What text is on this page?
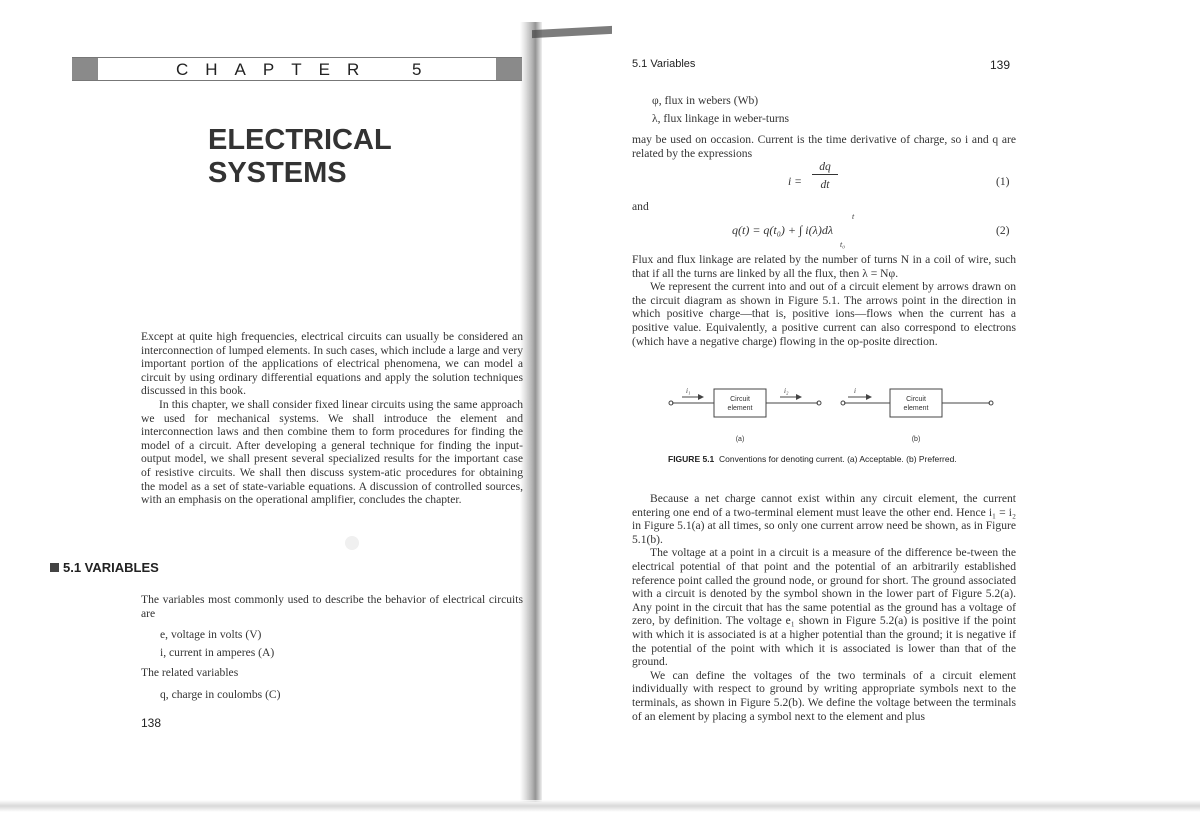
CHAPTER 5
ELECTRICAL
SYSTEMS

Except at quite high frequencies, electrical circuits can usually be considered an interconnection of lumped elements. In such cases, which include a large and very important portion of the applications of electrical phenomena, we can model a circuit by using ordinary differential equations and apply the solution techniques discussed in this book.

In this chapter, we shall consider fixed linear circuits using the same approach we used for mechanical systems. We shall introduce the element and interconnection laws and then combine them to form procedures for finding the model of a circuit. After developing a general technique for finding the input-output model, we shall present several specialized results for the important case of resistive circuits. We shall then discuss system-atic procedures for obtaining the model as a set of state-variable equations. A discussion of controlled sources, with an emphasis on the operational amplifier, concludes the chapter.

5.1 VARIABLES
The variables most commonly used to describe the behavior of electrical circuits are
e, voltage in volts (V)
i, current in amperes (A)
The related variables
q, charge in coulombs (C)
138
5.1 Variables	139
φ, flux in webers (Wb)
λ, flux linkage in weber-turns
may be used on occasion. Current is the time derivative of charge, so i and q are related by the expressions
i =
dq
dt	(1)
and
q(t) = q(t₀) + ∫ i(λ)dλ
t
t₀
(2)

Flux and flux linkage are related by the number of turns N in a coil of wire, such that if all the turns are linked by all the flux, then λ = Nφ.

We represent the current into and out of a circuit element by arrows drawn on the circuit diagram as shown in Figure 5.1. The arrows point in the direction in which positive charge—that is, positive ions—flows when the current has a positive value. Equivalently, a positive current can also correspond to electrons (which have a negative charge) flowing in the op-posite direction.

Circuit
element
Circuit
element
i₁	i₂	i
(a)	(b)
FIGURE 5.1 Conventions for denoting current. (a) Acceptable. (b) Preferred.

Because a net charge cannot exist within any circuit element, the current entering one end of a two-terminal element must leave the other end. Hence i₁ = i₂ in Figure 5.1(a) at all times, so only one current arrow need be shown, as in Figure 5.1(b).

The voltage at a point in a circuit is a measure of the difference be-tween the electrical potential of that point and the potential of an arbitrarily established reference point called the ground node, or ground for short. The ground associated with a circuit is denoted by the symbol shown in the lower part of Figure 5.2(a). Any point in the circuit that has the same potential as the ground has a voltage of zero, by definition. The voltage e₁ shown in Figure 5.2(a) is positive if the point with which it is associated is at a higher potential than the ground; it is negative if the potential of the point with which it is associated is lower than that of the ground.

We can define the voltages of the two terminals of a circuit element individually with respect to ground by writing appropriate symbols next to the terminals, as shown in Figure 5.2(b). We define the voltage between the terminals of an element by placing a symbol next to the element and plus
